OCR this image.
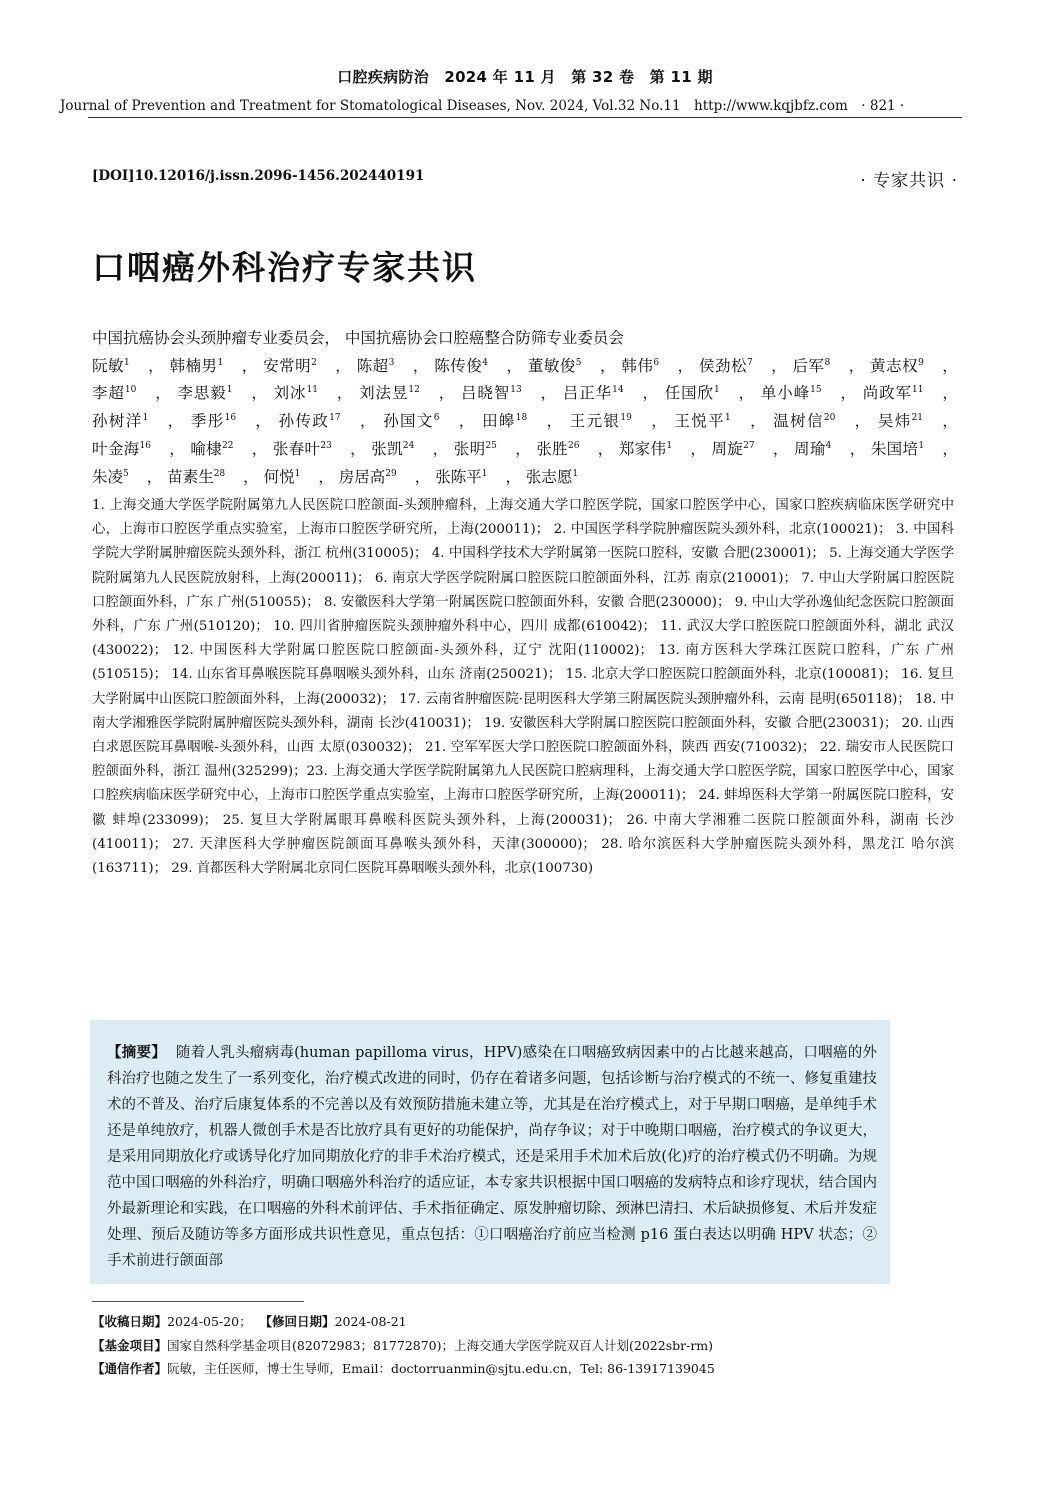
口腔疾病防治　2024 年 11 月　第 32 卷　第 11 期
Journal of Prevention and Treatment for Stomatological Diseases, Nov. 2024, Vol.32 No.11　http://www.kqjbfz.com　· 821 ·
[DOI]10.12016/j.issn.2096-1456.202440191	· 专家共识 ·
口咽癌外科治疗专家共识

中国抗癌协会头颈肿瘤专业委员会， 中国抗癌协会口腔癌整合防筛专业委员会

阮敏$^1$ ， 韩楠男$^1$ ， 安常明$^2$ ， 陈超$^3$ ， 陈传俊$^4$ ， 董敏俊$^5$ ， 韩伟$^6$ ， 侯劲松$^7$ ， 后军$^8$ ， 黄志权$^9$ ， 李超$^{10}$ ， 李思毅$^1$ ， 刘冰$^{11}$ ， 刘法昱$^{12}$ ， 吕晓智$^{13}$ ， 吕正华$^{14}$ ， 任国欣$^1$ ， 单小峰$^{15}$ ， 尚政军$^{11}$ ， 孙树洋$^1$ ， 季彤$^{16}$ ， 孙传政$^{17}$ ， 孙国文$^6$ ， 田皞$^{18}$ ， 王元银$^{19}$ ， 王悦平$^1$ ， 温树信$^{20}$ ， 吴炜$^{21}$ ， 叶金海$^{16}$ ， 喻棣$^{22}$ ， 张春叶$^{23}$ ， 张凯$^{24}$ ， 张明$^{25}$ ， 张胜$^{26}$ ， 郑家伟$^1$ ， 周旋$^{27}$ ， 周瑜$^4$ ， 朱国培$^1$ ， 朱凌$^5$ ， 苗素生$^{28}$ ， 何悦$^1$ ， 房居高$^{29}$ ， 张陈平$^1$ ， 张志愿$^1$

1. 上海交通大学医学院附属第九人民医院口腔颌面-头颈肿瘤科，上海交通大学口腔医学院，国家口腔医学中心，国家口腔疾病临床医学研究中心，上海市口腔医学重点实验室，上海市口腔医学研究所，上海(200011)； 2. 中国医学科学院肿瘤医院头颈外科，北京(100021)； 3. 中国科学院大学附属肿瘤医院头颈外科，浙江 杭州(310005)； 4. 中国科学技术大学附属第一医院口腔科，安徽 合肥(230001)； 5. 上海交通大学医学院附属第九人民医院放射科，上海(200011)； 6. 南京大学医学院附属口腔医院口腔颌面外科，江苏 南京(210001)； 7. 中山大学附属口腔医院口腔颌面外科，广东 广州(510055)； 8. 安徽医科大学第一附属医院口腔颌面外科，安徽 合肥(230000)； 9. 中山大学孙逸仙纪念医院口腔颌面外科，广东 广州(510120)； 10. 四川省肿瘤医院头颈肿瘤外科中心，四川 成都(610042)； 11. 武汉大学口腔医院口腔颌面外科，湖北 武汉(430022)； 12. 中国医科大学附属口腔医院口腔颌面-头颈外科，辽宁 沈阳(110002)； 13. 南方医科大学珠江医院口腔科，广东 广州(510515)； 14. 山东省耳鼻喉医院耳鼻咽喉头颈外科，山东 济南(250021)； 15. 北京大学口腔医院口腔颌面外科，北京(100081)； 16. 复旦大学附属中山医院口腔颌面外科，上海(200032)； 17. 云南省肿瘤医院·昆明医科大学第三附属医院头颈肿瘤外科，云南 昆明(650118)； 18. 中南大学湘雅医学院附属肿瘤医院头颈外科，湖南 长沙(410031)； 19. 安徽医科大学附属口腔医院口腔颌面外科，安徽 合肥(230031)； 20. 山西白求恩医院耳鼻咽喉-头颈外科，山西 太原(030032)； 21. 空军军医大学口腔医院口腔颌面外科，陕西 西安(710032)； 22. 瑞安市人民医院口腔颌面外科，浙江 温州(325299)；23. 上海交通大学医学院附属第九人民医院口腔病理科，上海交通大学口腔医学院，国家口腔医学中心，国家口腔疾病临床医学研究中心，上海市口腔医学重点实验室，上海市口腔医学研究所，上海(200011)； 24. 蚌埠医科大学第一附属医院口腔科，安徽 蚌埠(233099)； 25. 复旦大学附属眼耳鼻喉科医院头颈外科，上海(200031)； 26. 中南大学湘雅二医院口腔颌面外科，湖南 长沙(410011)； 27. 天津医科大学肿瘤医院颌面耳鼻喉头颈外科，天津(300000)； 28. 哈尔滨医科大学肿瘤医院头颈外科，黑龙江 哈尔滨(163711)； 29. 首都医科大学附属北京同仁医院耳鼻咽喉头颈外科，北京(100730)
【摘要】 随着人乳头瘤病毒(human papilloma virus，HPV)感染在口咽癌致病因素中的占比越来越高，口咽癌的外科治疗也随之发生了一系列变化，治疗模式改进的同时，仍存在着诸多问题，包括诊断与治疗模式的不统一、修复重建技术的不普及、治疗后康复体系的不完善以及有效预防措施未建立等，尤其是在治疗模式上，对于早期口咽癌，是单纯手术还是单纯放疗，机器人微创手术是否比放疗具有更好的功能保护，尚存争议；对于中晚期口咽癌，治疗模式的争议更大，是采用同期放化疗或诱导化疗加同期放化疗的非手术治疗模式，还是采用手术加术后放(化)疗的治疗模式仍不明确。为规范中国口咽癌的外科治疗，明确口咽癌外科治疗的适应证，本专家共识根据中国口咽癌的发病特点和诊疗现状，结合国内外最新理论和实践，在口咽癌的外科术前评估、手术指征确定、原发肿瘤切除、颈淋巴清扫、术后缺损修复、术后并发症处理、预后及随访等多方面形成共识性意见，重点包括：①口咽癌治疗前应当检测 p16 蛋白表达以明确 HPV 状态；②手术前进行颌面部

【收稿日期】2024-05-20； 【修回日期】2024-08-21

【基金项目】国家自然科学基金项目(82072983；81772870)；上海交通大学医学院双百人计划(2022sbr-rm)

【通信作者】阮敏，主任医师，博士生导师，Email：doctorruanmin@sjtu.edu.cn，Tel: 86-13917139045
